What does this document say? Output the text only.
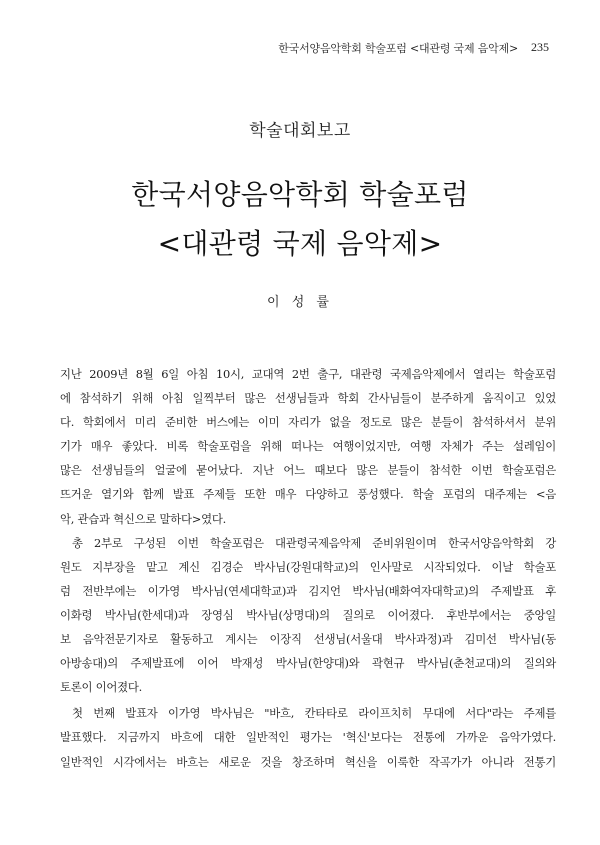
한국서양음악학회 학술포럼 <대관령 국제 음악제> 235
학술대회보고
한국서양음악학회 학술포럼
<대관령 국제 음악제>
이 성 률
지난 2009년 8월 6일 아침 10시, 교대역 2번 출구, 대관령 국제음악제에서 열리는 학술포럼
에 참석하기 위해 아침 일찍부터 많은 선생님들과 학회 간사님들이 분주하게 움직이고 있었
다. 학회에서 미리 준비한 버스에는 이미 자리가 없을 정도로 많은 분들이 참석하셔서 분위
기가 매우 좋았다. 비록 학술포럼을 위해 떠나는 여행이었지만, 여행 자체가 주는 설레임이
많은 선생님들의 얼굴에 묻어났다. 지난 어느 때보다 많은 분들이 참석한 이번 학술포럼은
뜨거운 열기와 함께 발표 주제들 또한 매우 다양하고 풍성했다. 학술 포럼의 대주제는 <음
악, 관습과 혁신으로 말하다>였다.
총 2부로 구성된 이번 학술포럼은 대관령국제음악제 준비위원이며 한국서양음악학회 강
원도 지부장을 맡고 계신 김경순 박사님(강원대학교)의 인사말로 시작되었다. 이날 학술포
럼 전반부에는 이가영 박사님(연세대학교)과 김지언 박사님(배화여자대학교)의 주제발표 후
이화령 박사님(한세대)과 장영심 박사님(상명대)의 질의로 이어졌다. 후반부에서는 중앙일
보 음악전문기자로 활동하고 계시는 이장직 선생님(서울대 박사과정)과 김미선 박사님(동
아방송대)의 주제발표에 이어 박재성 박사님(한양대)와 곽현규 박사님(춘천교대)의 질의와
토론이 이어졌다.
첫 번째 발표자 이가영 박사님은 "바흐, 칸타타로 라이프치히 무대에 서다"라는 주제를
발표했다. 지금까지 바흐에 대한 일반적인 평가는 '혁신'보다는 전통에 가까운 음악가였다.
일반적인 시각에서는 바흐는 새로운 것을 창조하며 혁신을 이룩한 작곡가가 아니라 전통기
